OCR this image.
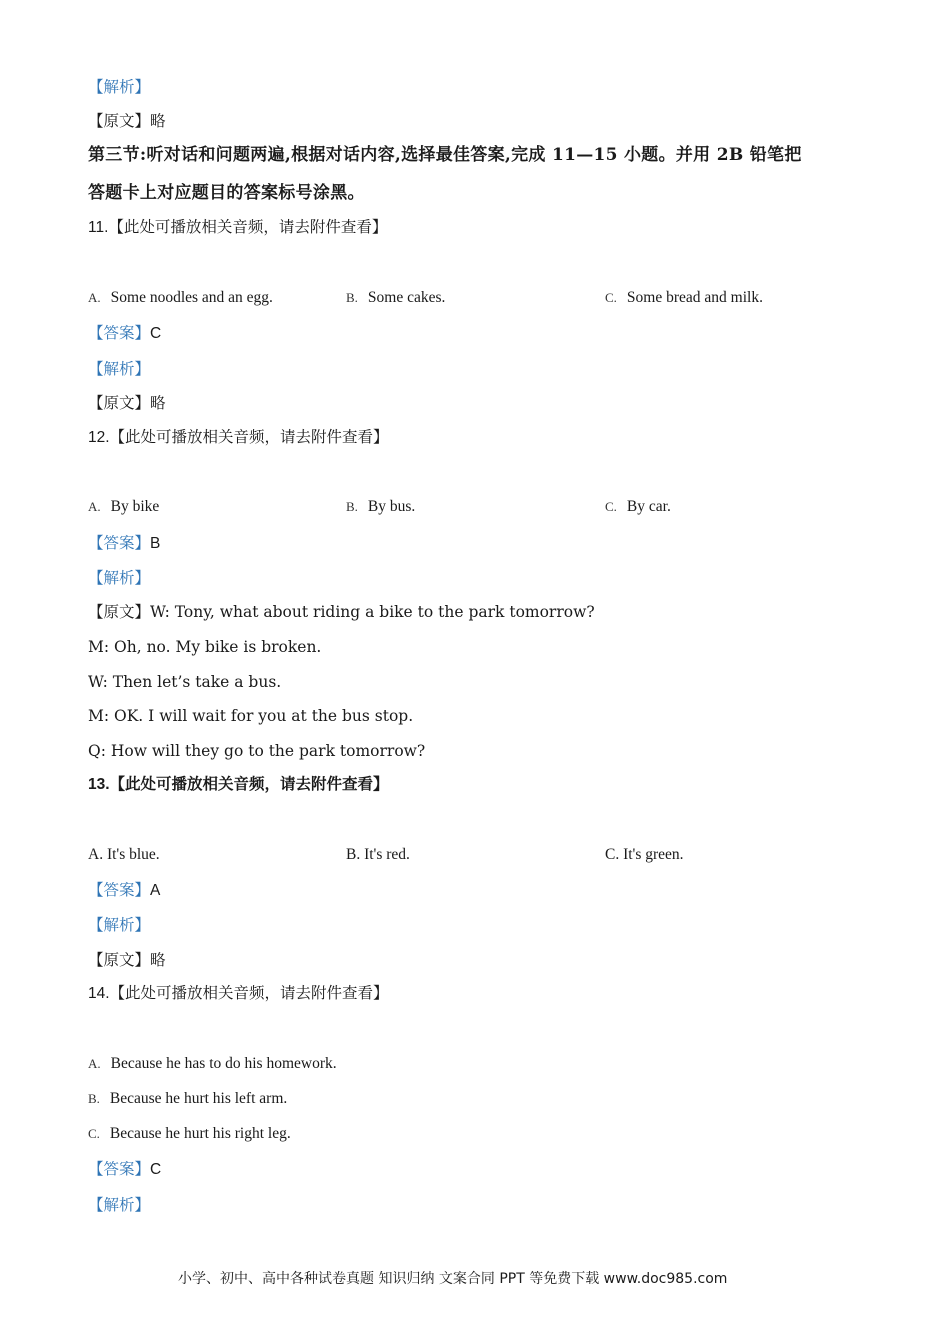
【解析】
【原文】略
第三节:听对话和问题两遍,根据对话内容,选择最佳答案,完成 11—15 小题。并用 2B 铅笔把
答题卡上对应题目的答案标号涂黑。
11.【此处可播放相关音频，请去附件查看】
A. Some noodles and an egg.	B. Some cakes.	C. Some bread and milk.
【答案】C
【解析】
【原文】略
12.【此处可播放相关音频，请去附件查看】
A. By bike	B. By bus.	C. By car.
【答案】B
【解析】
【原文】W: Tony, what about riding a bike to the park tomorrow?
M: Oh, no. My bike is broken.
W: Then let’s take a bus.
M: OK. I will wait for you at the bus stop.
Q: How will they go to the park tomorrow?
13.【此处可播放相关音频，请去附件查看】
A. It's blue.	B. It's red.	C. It's green.
【答案】A
【解析】
【原文】略
14.【此处可播放相关音频，请去附件查看】
A. Because he has to do his homework.
B. Because he hurt his left arm.
C. Because he hurt his right leg.
【答案】C
【解析】
小学、初中、高中各种试卷真题 知识归纳 文案合同 PPT 等免费下载 www.doc985.com
